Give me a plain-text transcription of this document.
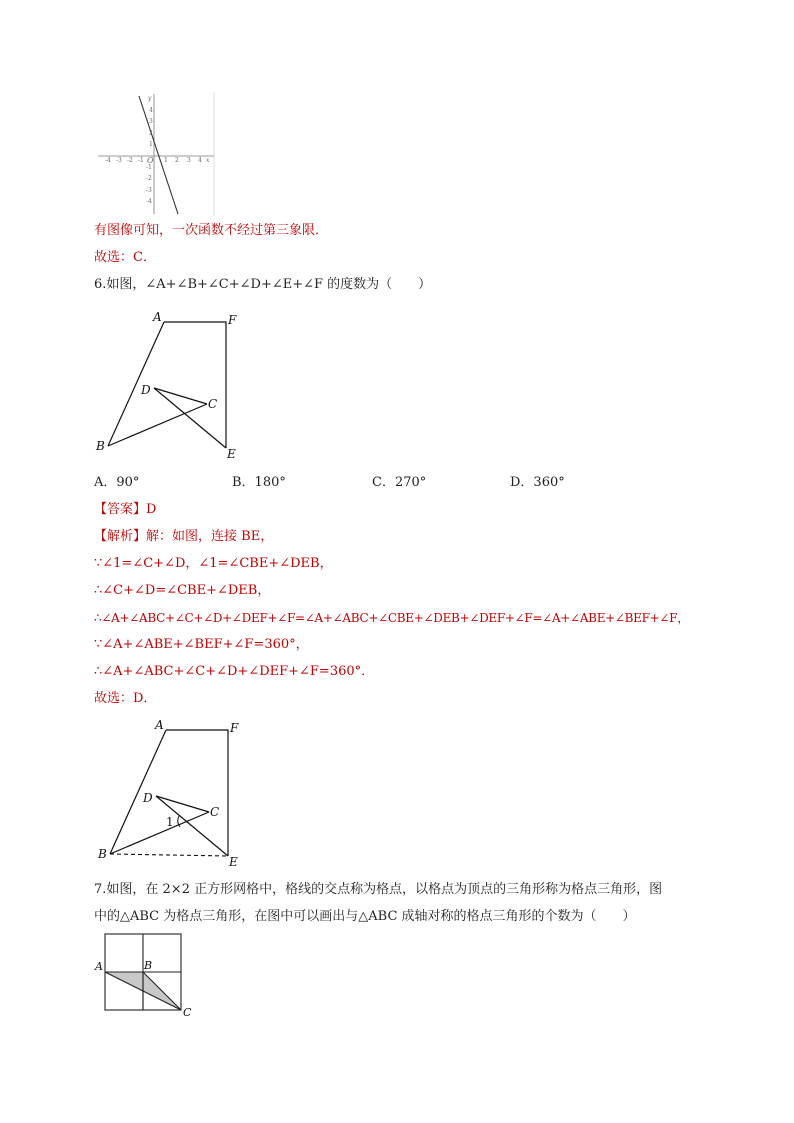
y
x
O
-4 -3 -2 -1	1 2 3 4
4
3
2
1
-1
-2
-3
-4
有图像可知，一次函数不经过第三象限．
故选：C．
6.如图，∠A+∠B+∠C+∠D+∠E+∠F 的度数为（　　）
A	F
D
C
B
E
A．90°	B．180°	C．270°	D．360°
【答案】D
【解析】解：如图，连接 BE，
∵∠1=∠C+∠D，∠1=∠CBE+∠DEB，
∴∠C+∠D=∠CBE+∠DEB，
∴∠A+∠ABC+∠C+∠D+∠DEF+∠F=∠A+∠ABC+∠CBE+∠DEB+∠DEF+∠F=∠A+∠ABE+∠BEF+∠F，
∵∠A+∠ABE+∠BEF+∠F=360°，
∴∠A+∠ABC+∠C+∠D+∠DEF+∠F=360°．
故选：D．
A	F
D
C
1
B
E
7.如图，在 2×2 正方形网格中，格线的交点称为格点，以格点为顶点的三角形称为格点三角形，图
中的△ABC 为格点三角形，在图中可以画出与△ABC 成轴对称的格点三角形的个数为（　　）
A	B
C
